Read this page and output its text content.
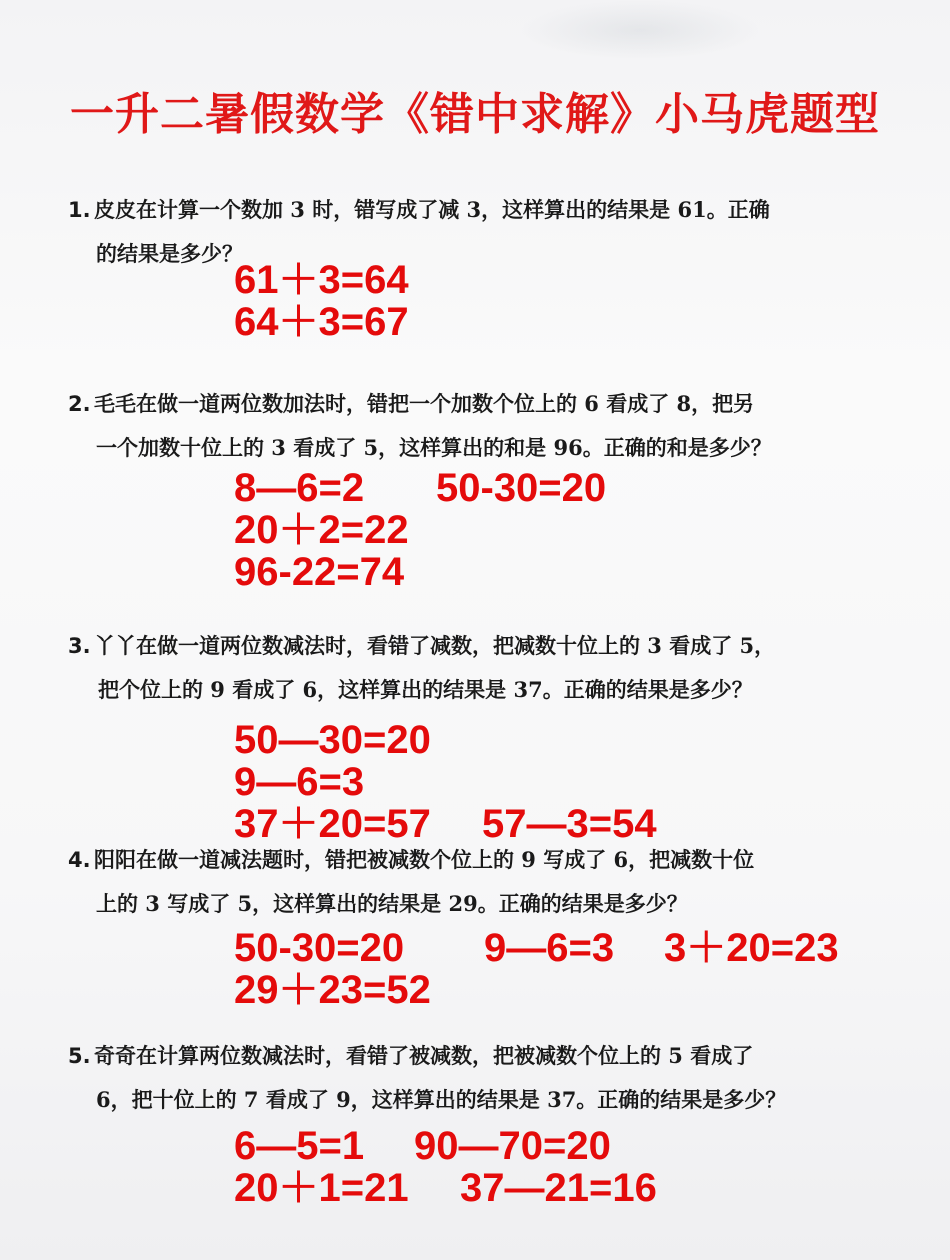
一升二暑假数学《错中求解》小马虎题型
1. 皮皮在计算一个数加 3 时，错写成了减 3，这样算出的结果是 61。正确
的结果是多少？
61＋3=64
64＋3=67
2. 毛毛在做一道两位数加法时，错把一个加数个位上的 6 看成了 8，把另
一个加数十位上的 3 看成了 5，这样算出的和是 96。正确的和是多少？
8—6=2 50-30=20
20＋2=22
96-22=74
3. 丫丫在做一道两位数减法时，看错了减数，把减数十位上的 3 看成了 5，
把个位上的 9 看成了 6，这样算出的结果是 37。正确的结果是多少？
50—30=20
9—6=3
37＋20=57 57—3=54
4. 阳阳在做一道减法题时，错把被减数个位上的 9 写成了 6，把减数十位
上的 3 写成了 5，这样算出的结果是 29。正确的结果是多少？
50-30=20 9—6=3 3＋20=23
29＋23=52
5. 奇奇在计算两位数减法时，看错了被减数，把被减数个位上的 5 看成了
6，把十位上的 7 看成了 9，这样算出的结果是 37。正确的结果是多少？
6—5=1 90—70=20
20＋1=21 37—21=16
